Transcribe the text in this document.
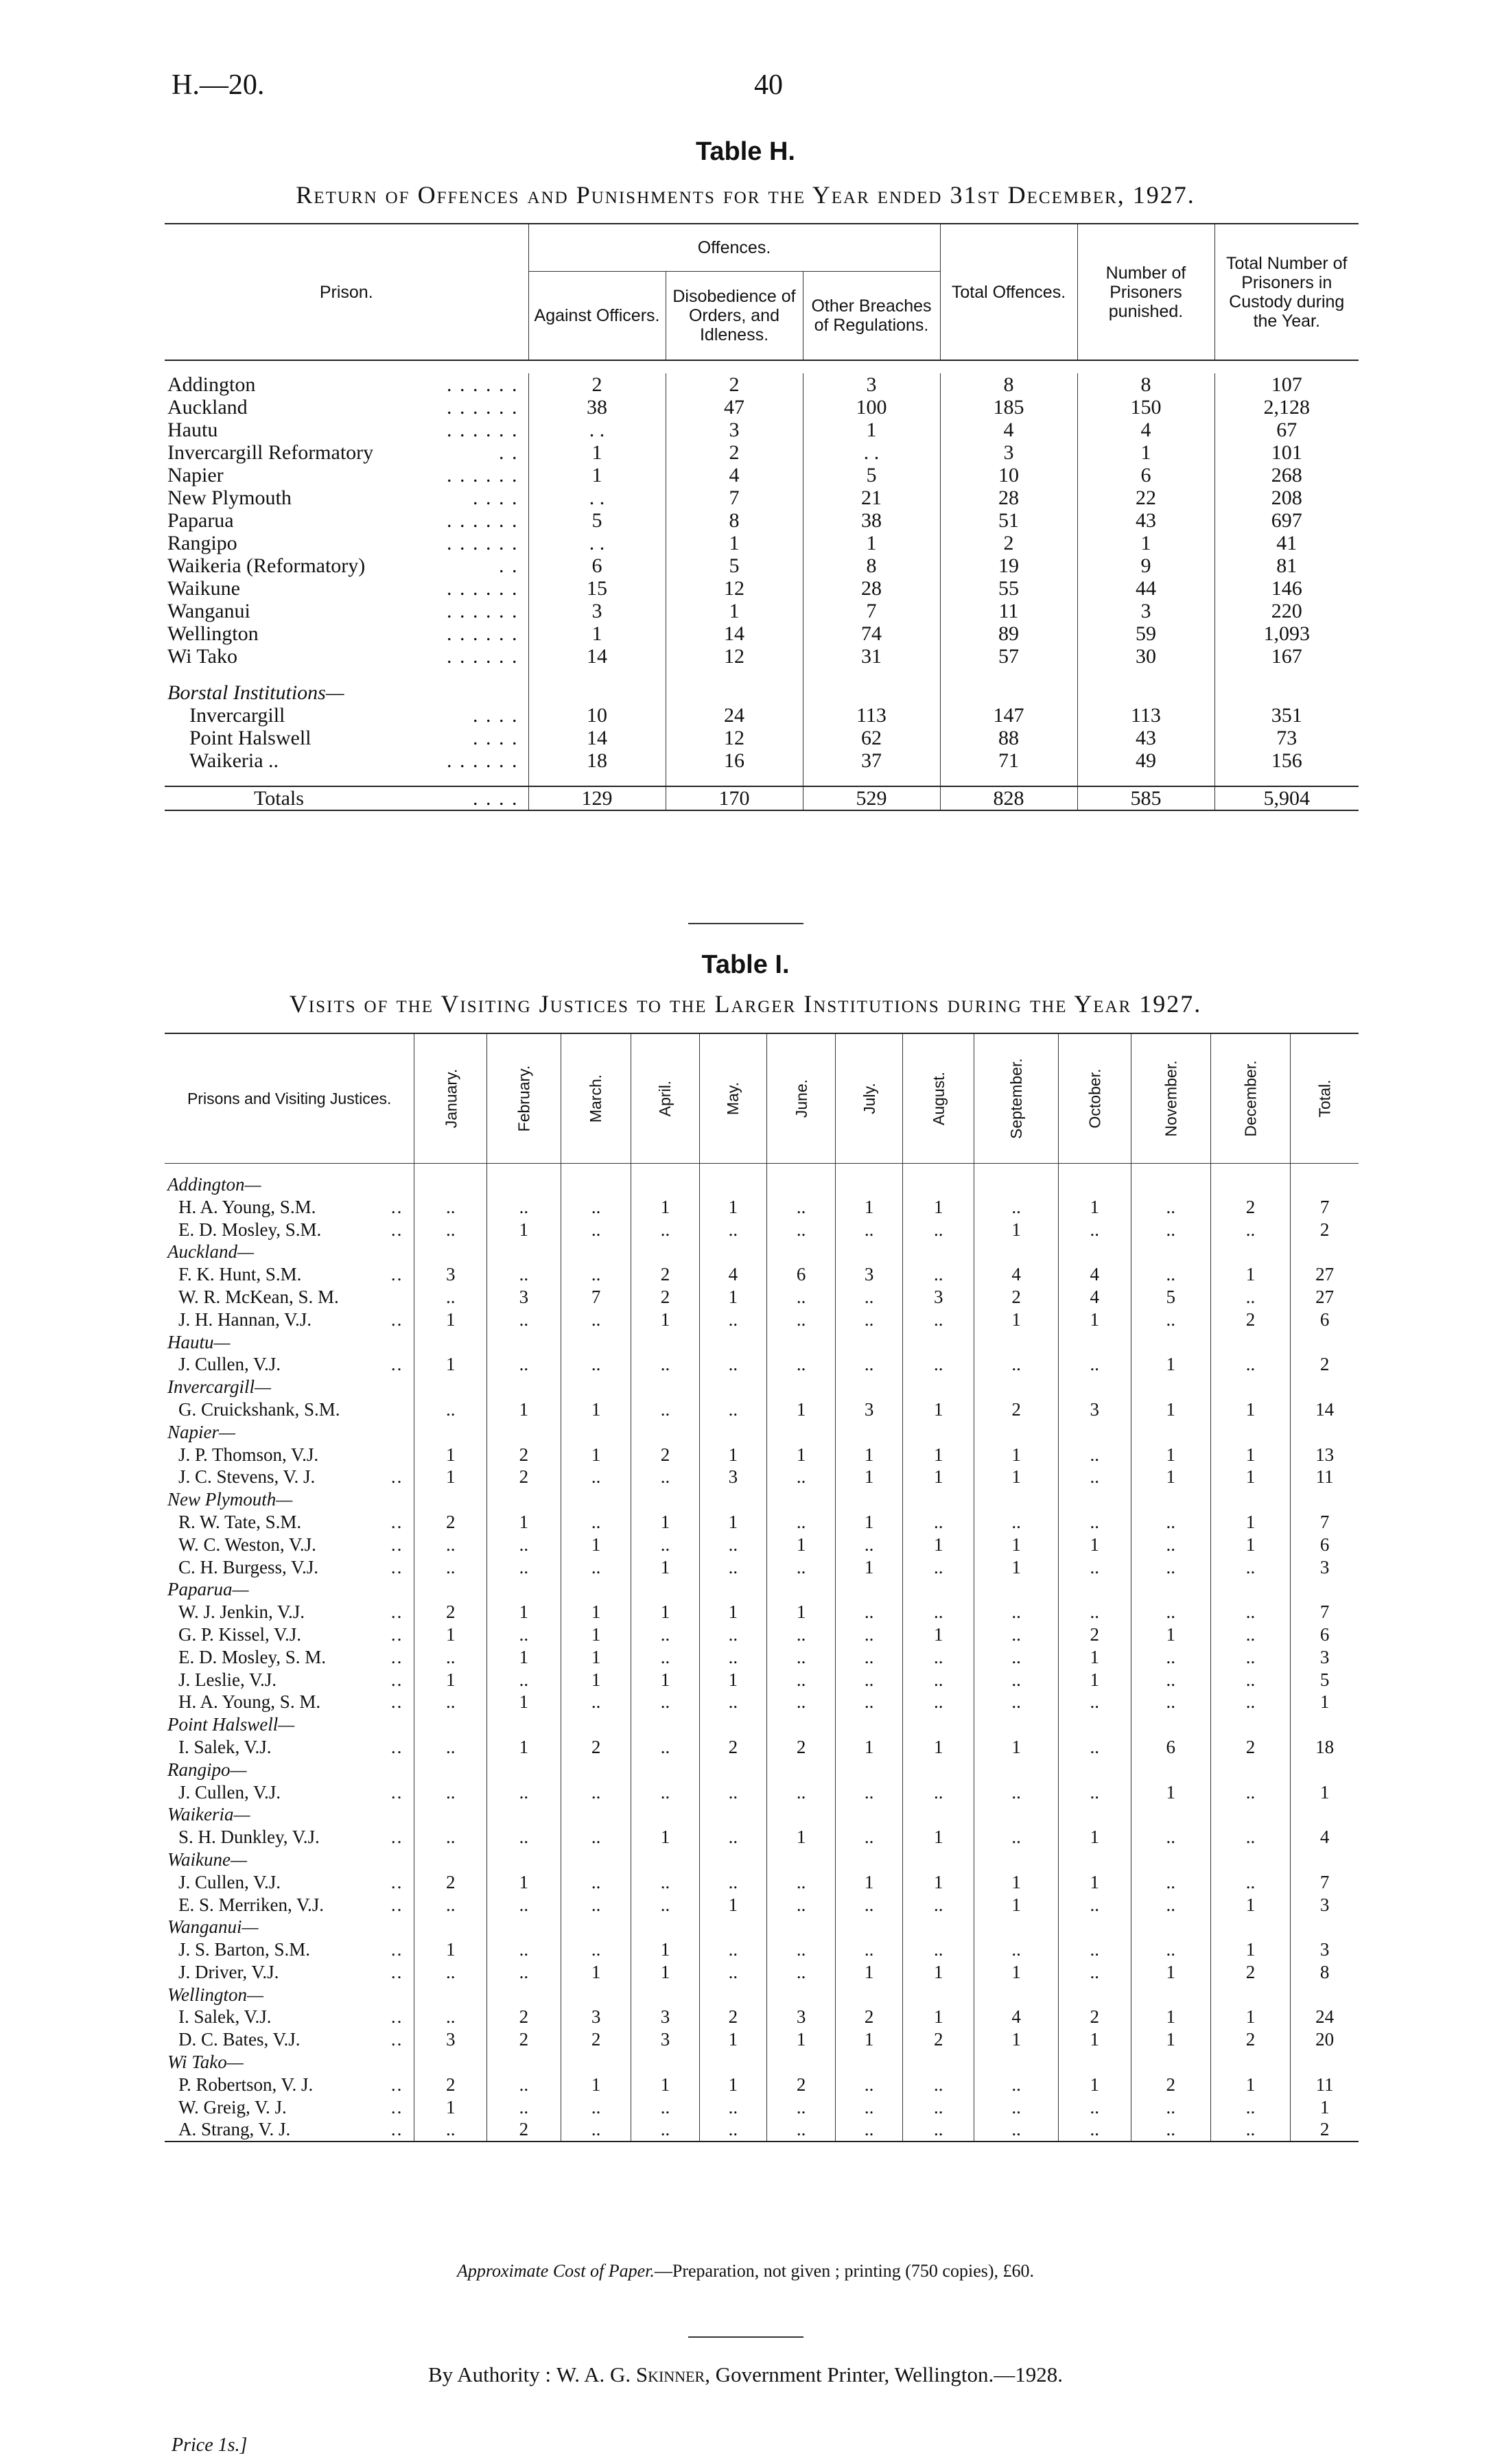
H.—20.	40
Table H.
Return of Offences and Punishments for the Year ended 31st December, 1927.
Prison.	Offences.			Total Offences.	Number of Prisoners punished.	Total Number of Prisoners in Custody during the Year.
	Against Officers.	Disobedience of Orders, and Idleness.	Other Breaches of Regulations.			

Addington . . . . . .	2	2	3	8	8	107
Auckland . . . . . .	38	47	100	185	150	2,128
Hautu . . . . . .	. .	3	1	4	4	67
Invercargill Reformatory . .	1	2	. .	3	1	101
Napier . . . . . .	1	4	5	10	6	268
New Plymouth . . . .	. .	7	21	28	22	208
Paparua . . . . . .	5	8	38	51	43	697
Rangipo . . . . . .	. .	1	1	2	1	41
Waikeria (Reformatory) . .	6	5	8	19	9	81
Waikune . . . . . .	15	12	28	55	44	146
Wanganui . . . . . .	3	1	7	11	3	220
Wellington . . . . . .	1	14	74	89	59	1,093
Wi Tako . . . . . .	14	12	31	57	30	167

Borstal Institutions—						
Invercargill . . . .	10	24	113	147	113	351
Point Halswell . . . .	14	12	62	88	43	73
Waikeria .. . . . . . .	18	16	37	71	49	156

Totals . . . .	129	170	529	828	585	5,904
Table I.
Visits of the Visiting Justices to the Larger Institutions during the Year 1927.
Prisons and Visiting Justices.	January.	February.	March.	April.	May.	June.	July.	August.	September.	October.	November.	December.	Total.

Addington—													
H. A. Young, S.M. ..	..	..	..	1	1	..	1	1	..	1	..	2	7
E. D. Mosley, S.M. ..	..	1	..	..	..	..	..	..	1	..	..	..	2
Auckland—													
F. K. Hunt, S.M. ..	3	..	..	2	4	6	3	..	4	4	..	1	27
W. R. McKean, S. M.	..	3	7	2	1	..	..	3	2	4	5	..	27
J. H. Hannan, V.J. ..	1	..	..	1	..	..	..	..	1	1	..	2	6
Hautu—													
J. Cullen, V.J. ..	1	..	..	..	..	..	..	..	..	..	1	..	2
Invercargill—													
G. Cruickshank, S.M.	..	1	1	..	..	1	3	1	2	3	1	1	14
Napier—													
J. P. Thomson, V.J.	1	2	1	2	1	1	1	1	1	..	1	1	13
J. C. Stevens, V. J. ..	1	2	..	..	3	..	1	1	1	..	1	1	11
New Plymouth—													
R. W. Tate, S.M. ..	2	1	..	1	1	..	1	..	..	..	..	1	7
W. C. Weston, V.J. ..	..	..	1	..	..	1	..	1	1	1	..	1	6
C. H. Burgess, V.J. ..	..	..	..	1	..	..	1	..	1	..	..	..	3
Paparua—													
W. J. Jenkin, V.J. ..	2	1	1	1	1	1	..	..	..	..	..	..	7
G. P. Kissel, V.J. ..	1	..	1	..	..	..	..	1	..	2	1	..	6
E. D. Mosley, S. M. ..	..	1	1	..	..	..	..	..	..	1	..	..	3
J. Leslie, V.J. ..	1	..	1	1	1	..	..	..	..	1	..	..	5
H. A. Young, S. M. ..	..	1	..	..	..	..	..	..	..	..	..	..	1
Point Halswell—													
I. Salek, V.J. ..	..	1	2	..	2	2	1	1	1	..	6	2	18
Rangipo—													
J. Cullen, V.J. ..	..	..	..	..	..	..	..	..	..	..	1	..	1
Waikeria—													
S. H. Dunkley, V.J. ..	..	..	..	1	..	1	..	1	..	1	..	..	4
Waikune—													
J. Cullen, V.J. ..	2	1	..	..	..	..	1	1	1	1	..	..	7
E. S. Merriken, V.J. ..	..	..	..	..	1	..	..	..	1	..	..	1	3
Wanganui—													
J. S. Barton, S.M. ..	1	..	..	1	..	..	..	..	..	..	..	1	3
J. Driver, V.J. ..	..	..	1	1	..	..	1	1	1	..	1	2	8
Wellington—													
I. Salek, V.J. ..	..	2	3	3	2	3	2	1	4	2	1	1	24
D. C. Bates, V.J. ..	3	2	2	3	1	1	1	2	1	1	1	2	20
Wi Tako—													
P. Robertson, V. J. ..	2	..	1	1	1	2	..	..	..	1	2	1	11
W. Greig, V. J. ..	1	..	..	..	..	..	..	..	..	..	..	..	1
A. Strang, V. J. ..	..	2	..	..	..	..	..	..	..	..	..	..	2

Approximate Cost of Paper.—Preparation, not given ; printing (750 copies), £60.
By Authority : W. A. G. Skinner, Government Printer, Wellington.—1928.
Price 1s.]
